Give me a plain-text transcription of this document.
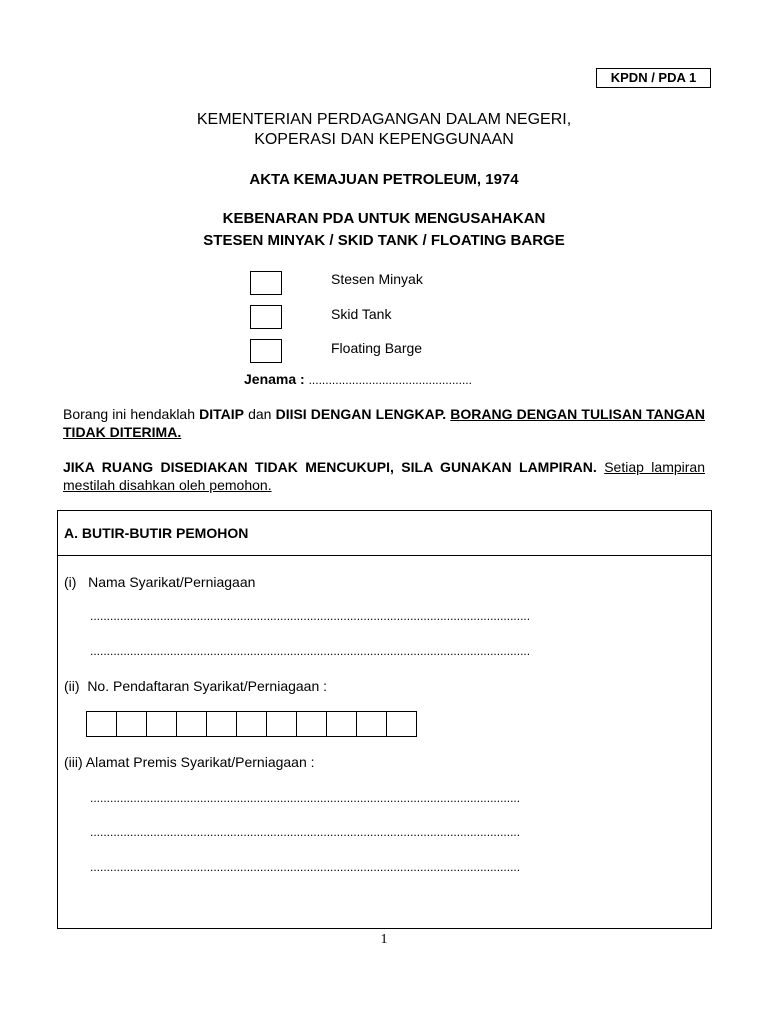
KPDN / PDA 1
KEMENTERIAN PERDAGANGAN DALAM NEGERI,
KOPERASI DAN KEPENGGUNAAN
AKTA KEMAJUAN PETROLEUM, 1974
KEBENARAN PDA UNTUK MENGUSAHAKAN
STESEN MINYAK / SKID TANK / FLOATING BARGE
Stesen Minyak
Skid Tank
Floating Barge
Jenama : .................................................
Borang ini hendaklah DITAIP dan DIISI DENGAN LENGKAP. BORANG DENGAN TULISAN TANGAN TIDAK DITERIMA.
JIKA RUANG DISEDIAKAN TIDAK MENCUKUPI, SILA GUNAKAN LAMPIRAN. Setiap lampiran mestilah disahkan oleh pemohon.
A. BUTIR-BUTIR PEMOHON
(i)   Nama Syarikat/Perniagaan
....................................................................................................................................
....................................................................................................................................
(ii)  No. Pendaftaran Syarikat/Perniagaan :
(iii) Alamat Premis Syarikat/Perniagaan :
.................................................................................................................................
.................................................................................................................................
.................................................................................................................................
1
